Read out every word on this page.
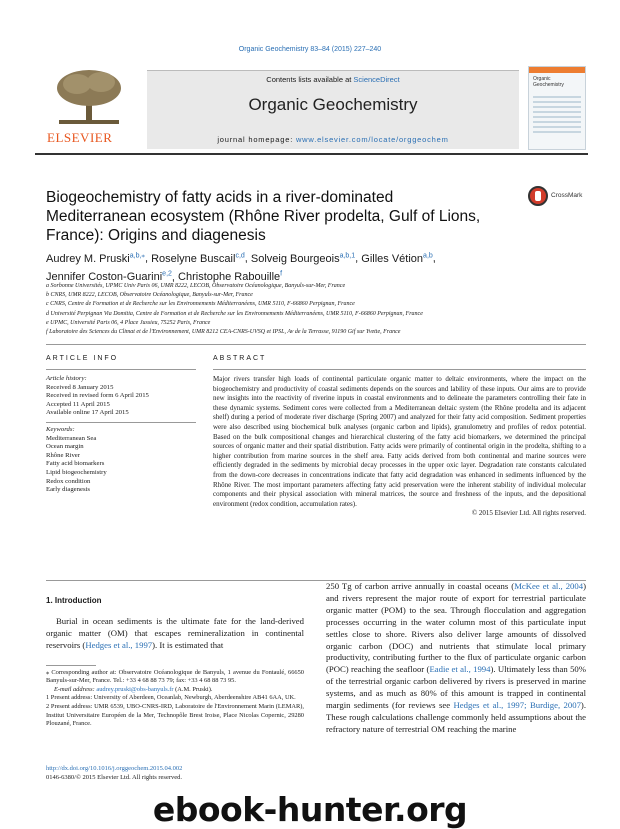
Organic Geochemistry 83–84 (2015) 227–240
ELSEVIER
Contents lists available at ScienceDirect
Organic Geochemistry
journal homepage: www.elsevier.com/locate/orggeochem
Organic
Geochemistry
Biogeochemistry of fatty acids in a river-dominated Mediterranean ecosystem (Rhône River prodelta, Gulf of Lions, France): Origins and diagenesis
CrossMark
Audrey M. Pruski$^{a,b,⁎}$, Roselyne Buscail$^{c,d}$, Solveig Bourgeois$^{a,b,1}$, Gilles Vétion$^{a,b}$,
Jennifer Coston-Guarini$^{e,2}$, Christophe Rabouille$^f$
a Sorbonne Universités, UPMC Univ Paris 06, UMR 8222, LECOB, Observatoire Océanologique, Banyuls-sur-Mer, France
b CNRS, UMR 8222, LECOB, Observatoire Océanologique, Banyuls-sur-Mer, France
c CNRS, Centre de Formation et de Recherche sur les Environnements Méditerranéens, UMR 5110, F-66860 Perpignan, France
d Université Perpignan Via Domitia, Centre de Formation et de Recherche sur les Environnements Méditerranéens, UMR 5110, F-66860 Perpignan, France
e UPMC, Université Paris 06, 4 Place Jussieu, 75252 Paris, France
f Laboratoire des Sciences du Climat et de l'Environnement, UMR 8212 CEA-CNRS-UVSQ et IPSL, Av de la Terrasse, 91190 Gif sur Yvette, France
ARTICLE INFO	ABSTRACT
Article history:
Received 8 January 2015
Received in revised form 6 April 2015
Accepted 11 April 2015
Available online 17 April 2015
Keywords:
Mediterranean Sea
Ocean margin
Rhône River
Fatty acid biomarkers
Lipid biogeochemistry
Redox condition
Early diagenesis
Major rivers transfer high loads of continental particulate organic matter to deltaic environments, where the impact on the biogeochemistry and productivity of coastal sediments depends on the sources and lability of these inputs. Our aims are to provide new insights into the reactivity of riverine inputs in coastal environments and to delineate the parameters controlling their fate in these dynamic systems. Sediment cores were collected from a Mediterranean deltaic system (the Rhône prodelta and its adjacent shelf) during a period of moderate river discharge (Spring 2007) and analyzed for their fatty acid composition. Sediment properties were also described using biochemical bulk analyses (organic carbon and lipids), granulometry and profiles of redox potential. Based on the bulk compositional changes and hierarchical clustering of the fatty acid biomarkers, we determined the principal sources of organic matter and their spatial distribution. Fatty acids were primarily of continental origin in the prodelta, shifting to a higher contribution from marine sources in the shelf area. Fatty acids derived from both continental and marine sources were efficiently degraded in the sediments by microbial decay processes in the upper oxic layer. Degradation rate constants calculated from the down-core decreases in concentrations indicate that fatty acid degradation was enhanced in sediments influenced by the Rhône River. The most important parameters affecting fatty acid preservation were the inherent stability of individual molecular components and their physical association with mineral matrices, the source and freshness of the inputs, and the depositional environment (redox condition, accumulation rates).
© 2015 Elsevier Ltd. All rights reserved.
1. Introduction

Burial in ocean sediments is the ultimate fate for the land-derived organic matter (OM) that escapes remineralization in continental reservoirs (Hedges et al., 1997). It is estimated that

⁎ Corresponding author at: Observatoire Océanologique de Banyuls, 1 avenue du Fontaulé, 66650 Banyuls-sur-Mer, France. Tel.: +33 4 68 88 73 79; fax: +33 4 68 88 73 95.
E-mail address: audrey.pruski@obs-banyuls.fr (A.M. Pruski).
1 Present address: University of Aberdeen, Oceanlab, Newburgh, Aberdeenshire AB41 6AA, UK.
2 Present address: UMR 6539, UBO-CNRS-IRD, Laboratoire de l'Environnement Marin (LEMAR), Institut Universitaire Européen de la Mer, Technopôle Brest Iroise, Place Nicolas Copernic, 29280 Plouzané, France.
250 Tg of carbon arrive annually in coastal oceans (McKee et al., 2004) and rivers represent the major route of export for terrestrial particulate organic matter (POM) to the sea. Through flocculation and aggregation processes occurring in the water column most of this particulate input settles close to shore. Rivers also deliver large amounts of dissolved organic carbon (DOC) and nutrients that stimulate local primary productivity, contributing further to the flux of particulate organic carbon (POC) reaching the seafloor (Eadie et al., 1994). Ultimately less than 50% of the terrestrial organic carbon delivered by rivers is preserved in marine systems, and as much as 80% of this amount is trapped in continental margin sediments (for reviews see Hedges et al., 1997; Burdige, 2007). These rough calculations challenge commonly held assumptions about the refractory nature of terrestrial OM reaching the marine
http://dx.doi.org/10.1016/j.orggeochem.2015.04.002
0146-6380/© 2015 Elsevier Ltd. All rights reserved.
ebook-hunter.org
